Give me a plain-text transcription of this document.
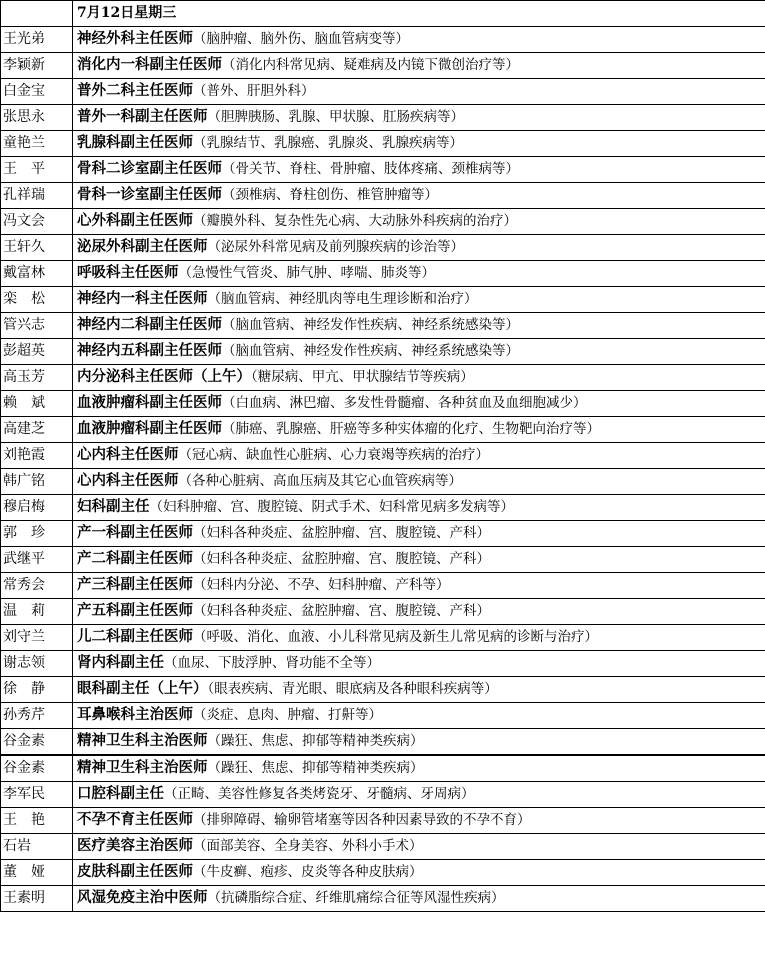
	7月12日星期三
王光弟	神经外科主任医师（脑肿瘤、脑外伤、脑血管病变等）
李颖新	消化内一科副主任医师（消化内科常见病、疑难病及内镜下微创治疗等）
白金宝	普外二科主任医师（普外、肝胆外科）
张思永	普外一科副主任医师（胆脾胰肠、乳腺、甲状腺、肛肠疾病等）
童艳兰	乳腺科副主任医师（乳腺结节、乳腺癌、乳腺炎、乳腺疾病等）
王　平	骨科二诊室副主任医师（骨关节、脊柱、骨肿瘤、肢体疼痛、颈椎病等）
孔祥瑞	骨科一诊室副主任医师（颈椎病、脊柱创伤、椎管肿瘤等）
冯文会	心外科副主任医师（瓣膜外科、复杂性先心病、大动脉外科疾病的治疗）
王轩久	泌尿外科副主任医师（泌尿外科常见病及前列腺疾病的诊治等）
戴富林	呼吸科主任医师（急慢性气管炎、肺气肿、哮喘、肺炎等）
栾　松	神经内一科主任医师（脑血管病、神经肌肉等电生理诊断和治疗）
管兴志	神经内二科副主任医师（脑血管病、神经发作性疾病、神经系统感染等）
彭超英	神经内五科副主任医师（脑血管病、神经发作性疾病、神经系统感染等）
高玉芳	内分泌科主任医师（上午）（糖尿病、甲亢、甲状腺结节等疾病）
赖　斌	血液肿瘤科副主任医师（白血病、淋巴瘤、多发性骨髓瘤、各种贫血及血细胞减少）
高建芝	血液肿瘤科副主任医师（肺癌、乳腺癌、肝癌等多种实体瘤的化疗、生物靶向治疗等）
刘艳霞	心内科主任医师（冠心病、缺血性心脏病、心力衰竭等疾病的治疗）
韩广铭	心内科主任医师（各种心脏病、高血压病及其它心血管疾病等）
穆启梅	妇科副主任（妇科肿瘤、宫、腹腔镜、阴式手术、妇科常见病多发病等）
郭　珍	产一科副主任医师（妇科各种炎症、盆腔肿瘤、宫、腹腔镜、产科）
武继平	产二科副主任医师（妇科各种炎症、盆腔肿瘤、宫、腹腔镜、产科）
常秀会	产三科副主任医师（妇科内分泌、不孕、妇科肿瘤、产科等）
温　莉	产五科副主任医师（妇科各种炎症、盆腔肿瘤、宫、腹腔镜、产科）
刘守兰	儿二科副主任医师（呼吸、消化、血液、小儿科常见病及新生儿常见病的诊断与治疗）
谢志领	肾内科副主任（血尿、下肢浮肿、肾功能不全等）
徐　静	眼科副主任（上午）（眼表疾病、青光眼、眼底病及各种眼科疾病等）
孙秀芹	耳鼻喉科主治医师（炎症、息肉、肿瘤、打鼾等）
谷金素	精神卫生科主治医师（躁狂、焦虑、抑郁等精神类疾病）
谷金素	精神卫生科主治医师（躁狂、焦虑、抑郁等精神类疾病）
李军民	口腔科副主任（正畸、美容性修复各类烤瓷牙、牙髓病、牙周病）
王　艳	不孕不育主任医师（排卵障碍、输卵管堵塞等因各种因素导致的不孕不育）
石岩	医疗美容主治医师（面部美容、全身美容、外科小手术）
董　娅	皮肤科副主任医师（牛皮癣、疱疹、皮炎等各种皮肤病）
王素明	风湿免疫主治中医师（抗磷脂综合症、纤维肌痛综合征等风湿性疾病）
